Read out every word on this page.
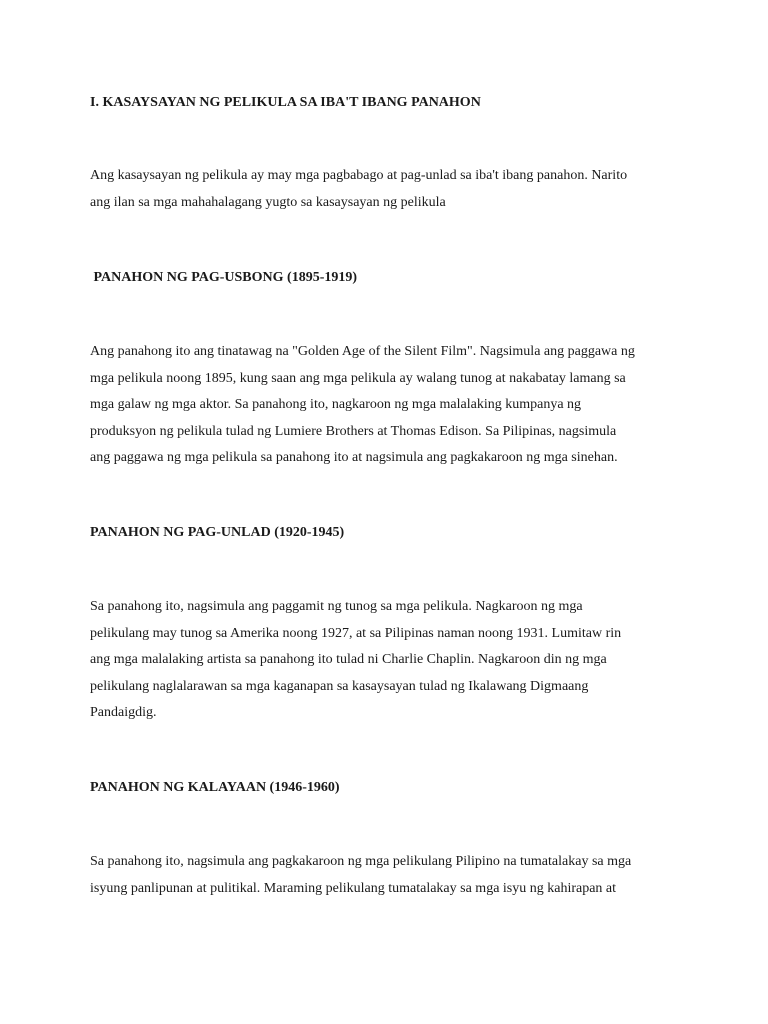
I. KASAYSAYAN NG PELIKULA SA IBA'T IBANG PANAHON

Ang kasaysayan ng pelikula ay may mga pagbabago at pag-unlad sa iba't ibang panahon. Narito
ang ilan sa mga mahahalagang yugto sa kasaysayan ng pelikula

PANAHON NG PAG-USBONG (1895-1919)

Ang panahong ito ang tinatawag na "Golden Age of the Silent Film". Nagsimula ang paggawa ng
mga pelikula noong 1895, kung saan ang mga pelikula ay walang tunog at nakabatay lamang sa
mga galaw ng mga aktor. Sa panahong ito, nagkaroon ng mga malalaking kumpanya ng
produksyon ng pelikula tulad ng Lumiere Brothers at Thomas Edison. Sa Pilipinas, nagsimula
ang paggawa ng mga pelikula sa panahong ito at nagsimula ang pagkakaroon ng mga sinehan.

PANAHON NG PAG-UNLAD (1920-1945)

Sa panahong ito, nagsimula ang paggamit ng tunog sa mga pelikula. Nagkaroon ng mga
pelikulang may tunog sa Amerika noong 1927, at sa Pilipinas naman noong 1931. Lumitaw rin
ang mga malalaking artista sa panahong ito tulad ni Charlie Chaplin. Nagkaroon din ng mga
pelikulang naglalarawan sa mga kaganapan sa kasaysayan tulad ng Ikalawang Digmaang
Pandaigdig.

PANAHON NG KALAYAAN (1946-1960)

Sa panahong ito, nagsimula ang pagkakaroon ng mga pelikulang Pilipino na tumatalakay sa mga
isyung panlipunan at pulitikal. Maraming pelikulang tumatalakay sa mga isyu ng kahirapan at
